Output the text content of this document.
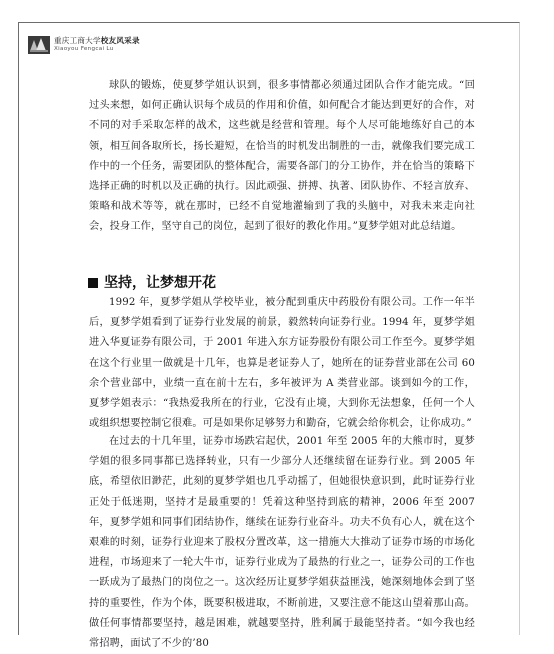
重庆工商大学校友风采录
Xiaoyou Fengcai Lu

球队的锻炼，使夏梦学姐认识到，很多事情都必须通过团队合作才能完成。“回过头来想，如何正确认识每个成员的作用和价值，如何配合才能达到更好的合作，对不同的对手采取怎样的战术，这些就是经营和管理。每个人尽可能地练好自己的本领，相互间各取所长，扬长避短，在恰当的时机发出制胜的一击，就像我们要完成工作中的一个任务，需要团队的整体配合，需要各部门的分工协作，并在恰当的策略下选择正确的时机以及正确的执行。因此顽强、拼搏、执著、团队协作、不轻言放弃、策略和战术等等，就在那时，已经不自觉地灌输到了我的头脑中，对我未来走向社会，投身工作，坚守自己的岗位，起到了很好的教化作用。”夏梦学姐对此总结道。

坚持，让梦想开花

1992 年，夏梦学姐从学校毕业，被分配到重庆中药股份有限公司。工作一年半后，夏梦学姐看到了证券行业发展的前景，毅然转向证券行业。1994 年，夏梦学姐进入华夏证券有限公司，于 2001 年进入东方证券股份有限公司工作至今。夏梦学姐在这个行业里一做就是十几年，也算是老证券人了，她所在的证券营业部在公司 60 余个营业部中，业绩一直在前十左右，多年被评为 A 类营业部。谈到如今的工作，夏梦学姐表示：“我热爱我所在的行业，它没有止境，大到你无法想象，任何一个人或组织想要控制它很难。可是如果你足够努力和勤奋，它就会给你机会，让你成功。”

在过去的十几年里，证券市场跌宕起伏，2001 年至 2005 年的大熊市时，夏梦学姐的很多同事都已选择转业，只有一少部分人还继续留在证券行业。到 2005 年底，希望依旧渺茫，此刻的夏梦学姐也几乎动摇了，但她很快意识到，此时证券行业正处于低迷期，坚持才是最重要的！凭着这种坚持到底的精神，2006 年至 2007 年，夏梦学姐和同事们团结协作，继续在证券行业奋斗。功夫不负有心人，就在这个艰难的时刻，证券行业迎来了股权分置改革，这一措施大大推动了证券市场的市场化进程，市场迎来了一轮大牛市，证券行业成为了最热的行业之一，证券公司的工作也一跃成为了最热门的岗位之一。这次经历让夏梦学姐获益匪浅，她深刻地体会到了坚持的重要性，作为个体，既要积极进取，不断前进，又要注意不能这山望着那山高。做任何事情都要坚持，越是困难，就越要坚持，胜利属于最能坚持者。“如今我也经常招聘，面试了不少的’80
